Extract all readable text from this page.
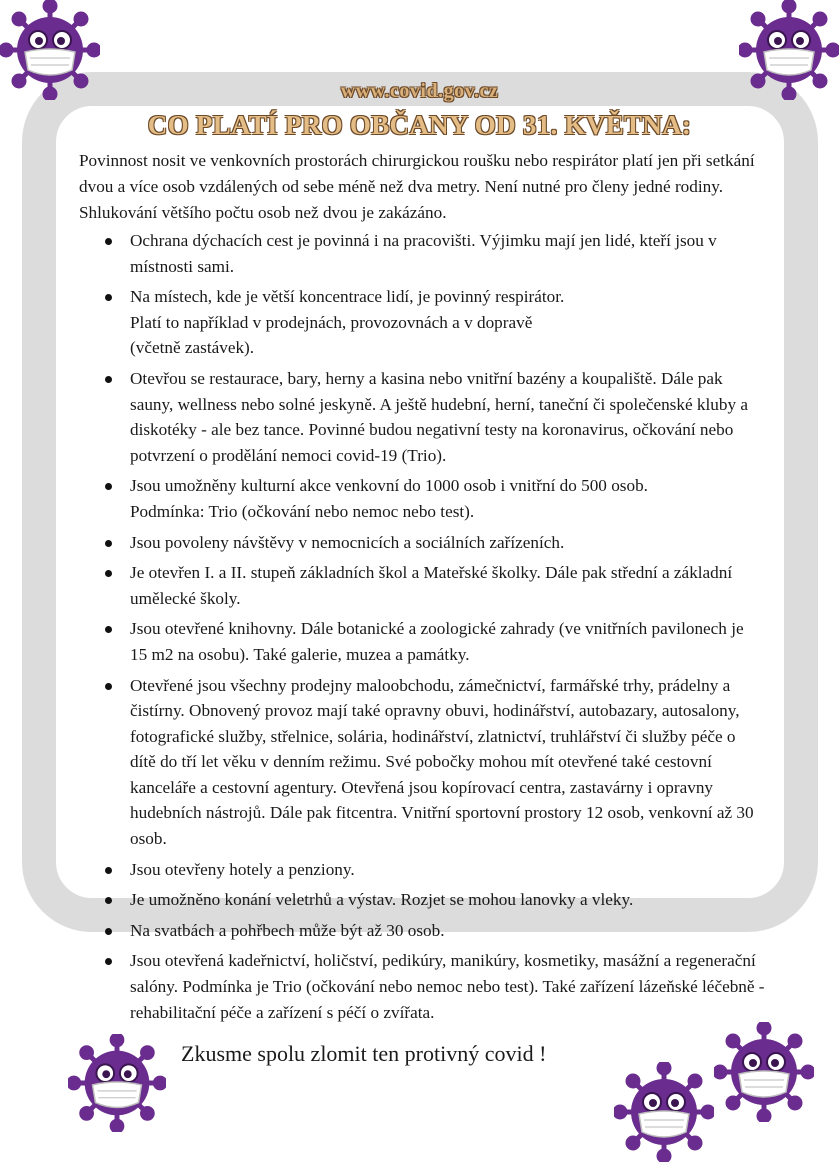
www.covid.gov.cz
CO PLATÍ PRO OBČANY OD 31. KVĚTNA:
Povinnost nosit ve venkovních prostorách chirurgickou roušku nebo respirátor platí jen při setkání dvou a více osob vzdálených od sebe méně než dva metry. Není nutné pro členy jedné rodiny. Shlukování většího počtu osob než dvou je zakázáno.
Ochrana dýchacích cest je povinná i na pracovišti. Výjimku mají jen lidé, kteří jsou v místnosti sami.
Na místech, kde je větší koncentrace lidí, je povinný respirátor.
Platí to například v prodejnách, provozovnách a v dopravě
(včetně zastávek).
Otevřou se restaurace, bary, herny a kasina nebo vnitřní bazény a koupaliště. Dále pak sauny, wellness nebo solné jeskyně. A ještě hudební, herní, taneční či společenské kluby a diskotéky - ale bez tance. Povinné budou negativní testy na koronavirus, očkování nebo potvrzení o prodělání nemoci covid-19 (Trio).
Jsou umožněny kulturní akce venkovní do 1000 osob i vnitřní do 500 osob.
Podmínka: Trio (očkování nebo nemoc nebo test).
Jsou povoleny návštěvy v nemocnicích a sociálních zařízeních.
Je otevřen I. a II. stupeň základních škol a Mateřské školky. Dále pak střední a základní umělecké školy.
Jsou otevřené knihovny. Dále botanické a zoologické zahrady (ve vnitřních pavilonech je 15 m2 na osobu). Také galerie, muzea a památky.
Otevřené jsou všechny prodejny maloobchodu, zámečnictví, farmářské trhy, prádelny a čistírny. Obnovený provoz mají také opravny obuvi, hodinářství, autobazary, autosalony, fotografické služby, střelnice, solária, hodinářství, zlatnictví, truhlářství či služby péče o dítě do tří let věku v denním režimu. Své pobočky mohou mít otevřené také cestovní kanceláře a cestovní agentury. Otevřená jsou kopírovací centra, zastavárny i opravny hudebních nástrojů. Dále pak fitcentra. Vnitřní sportovní prostory 12 osob, venkovní až 30 osob.
Jsou otevřeny hotely a penziony.
Je umožněno konání veletrhů a výstav. Rozjet se mohou lanovky a vleky.
Na svatbách a pohřbech může být až 30 osob.
Jsou otevřená kadeřnictví, holičství, pedikúry, manikúry, kosmetiky, masážní a regenerační salóny. Podmínka je Trio (očkování nebo nemoc nebo test). Také zařízení lázeňské léčebně - rehabilitační péče a zařízení s péčí o zvířata.
Zkusme spolu zlomit ten protivný covid !
